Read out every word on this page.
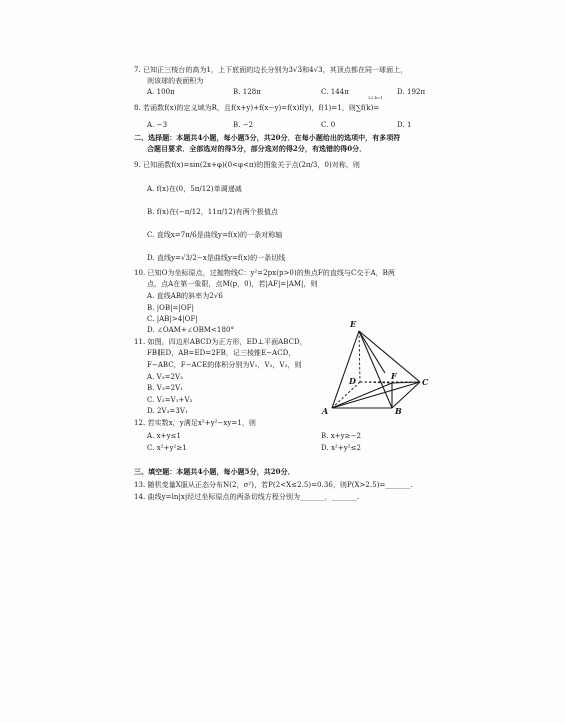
7. 已知正三棱台的高为1，上下底面的边长分别为3√3和4√3，其顶点都在同一球面上，
则该球的表面积为
A. 100π	B. 128π	C. 144π	D. 192π
22 k=1
8. 若函数f(x)的定义域为R，且f(x+y)+f(x−y)=f(x)f(y)，f(1)=1，则∑f(k)=
A. −3	B. −2	C. 0	D. 1
二、选择题：本题共4小题，每小题5分，共20分．在每小题给出的选项中，有多项符
合题目要求．全部选对的得5分，部分选对的得2分，有选错的得0分．
9. 已知函数f(x)=sin(2x+φ)(0<φ<π)的图象关于点(2π/3，0)对称，则
A. f(x)在(0，5π/12)单调递减
B. f(x)在(−π/12，11π/12)有两个极值点
C. 直线x=7π/6是曲线y=f(x)的一条对称轴
D. 直线y=√3/2−x是曲线y=f(x)的一条切线
10. 已知O为坐标原点，过抛物线C：y²=2px(p>0)的焦点F的直线与C交于A，B两
点，点A在第一象限，点M(p，0)，若|AF|=|AM|，则
A. 直线AB的斜率为2√6
B. |OB|=|OF|
C. |AB|>4|OF|
D. ∠OAM+∠OBM<180°
11. 如图，四边形ABCD为正方形，ED⊥平面ABCD，
FB∥ED，AB=ED=2FB，记三棱锥E−ACD，
F−ABC，F−ACE的体积分别为V₁，V₂，V₃，则
A. V₃=2V₂
B. V₃=2V₁
C. V₃=V₁+V₂
D. 2V₃=3V₁
E
F
D	C
A	B
12. 若实数x，y满足x²+y²−xy=1，则
A. x+y≤1	B. x+y≥−2
C. x²+y²≥1	D. x²+y²≤2
三、填空题：本题共4小题，每小题5分，共20分．
13. 随机变量X服从正态分布N(2，σ²)，若P(2<X≤2.5)=0.36，则P(X>2.5)=_______.
14. 曲线y=ln|x|经过坐标原点的两条切线方程分别为_______，_______.
